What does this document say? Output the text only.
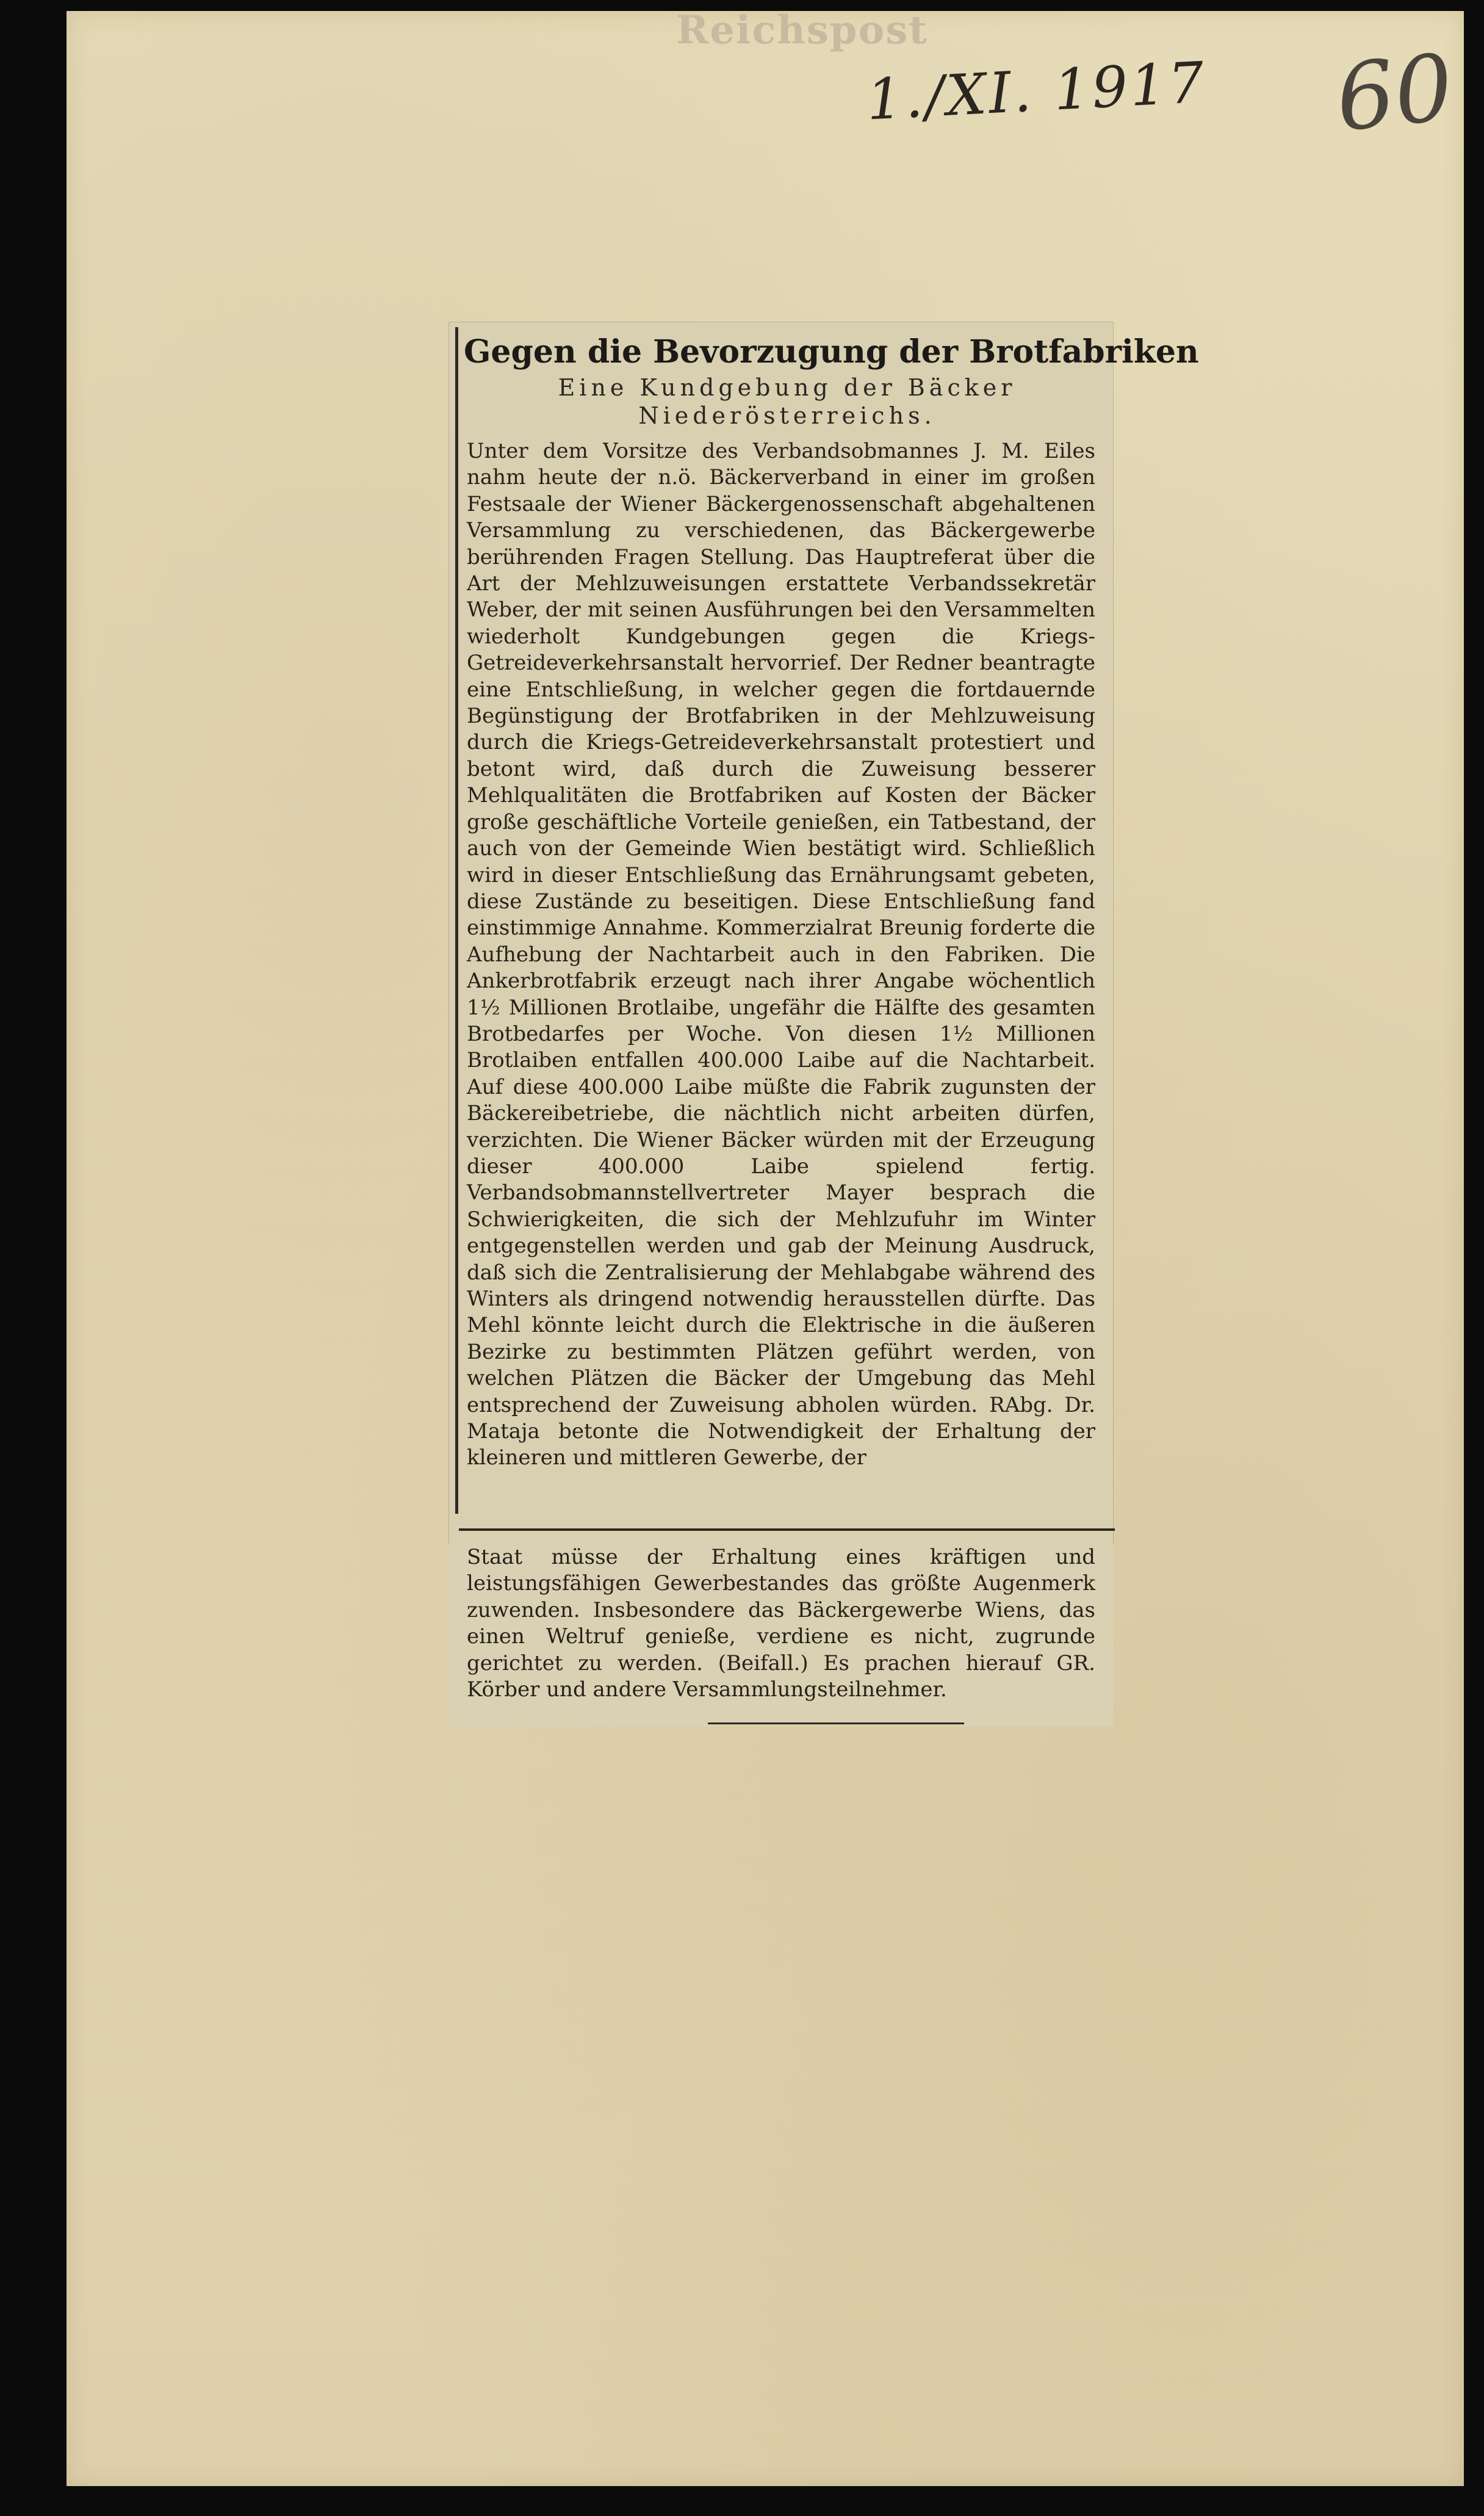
Reichspost
1./XI. 1917 60
Gegen die Bevorzugung der Brotfabriken
Eine Kundgebung der Bäcker Niederösterreichs.
Unter dem Vorsitze des Verbandsobmannes J. M. Eiles nahm heute der n.ö. Bäckerverband in einer im großen Festsaale der Wiener Bäckergenossenschaft abgehaltenen Versammlung zu verschiedenen, das Bäckergewerbe berührenden Fragen Stellung. Das Hauptreferat über die Art der Mehlzuweisungen erstattete Verbandssekretär Weber, der mit seinen Ausführungen bei den Versammelten wiederholt Kundgebungen gegen die Kriegs-Getreideverkehrsanstalt hervorrief. Der Redner beantragte eine Entschließung, in welcher gegen die fortdauernde Begünstigung der Brotfabriken in der Mehlzuweisung durch die Kriegs-Getreideverkehrsanstalt protestiert und betont wird, daß durch die Zuweisung besserer Mehlqualitäten die Brotfabriken auf Kosten der Bäcker große geschäftliche Vorteile genießen, ein Tatbestand, der auch von der Gemeinde Wien bestätigt wird. Schließlich wird in dieser Entschließung das Ernährungsamt gebeten, diese Zustände zu beseitigen. Diese Entschließung fand einstimmige Annahme. Kommerzialrat Breunig forderte die Aufhebung der Nachtarbeit auch in den Fabriken. Die Ankerbrotfabrik erzeugt nach ihrer Angabe wöchentlich 1½ Millionen Brotlaibe, ungefähr die Hälfte des gesamten Brotbedarfes per Woche. Von diesen 1½ Millionen Brotlaiben entfallen 400.000 Laibe auf die Nachtarbeit. Auf diese 400.000 Laibe müßte die Fabrik zugunsten der Bäckereibetriebe, die nächtlich nicht arbeiten dürfen, verzichten. Die Wiener Bäcker würden mit der Erzeugung dieser 400.000 Laibe spielend fertig. Verbandsobmannstellvertreter Mayer besprach die Schwierigkeiten, die sich der Mehlzufuhr im Winter entgegenstellen werden und gab der Meinung Ausdruck, daß sich die Zentralisierung der Mehlabgabe während des Winters als dringend notwendig herausstellen dürfte. Das Mehl könnte leicht durch die Elektrische in die äußeren Bezirke zu bestimmten Plätzen geführt werden, von welchen Plätzen die Bäcker der Umgebung das Mehl entsprechend der Zuweisung abholen würden. RAbg. Dr. Mataja betonte die Notwendigkeit der Erhaltung der kleineren und mittleren Gewerbe, der
Staat müsse der Erhaltung eines kräftigen und leistungsfähigen Gewerbestandes das größte Augenmerk zuwenden. Insbesondere das Bäckergewerbe Wiens, das einen Weltruf genieße, verdiene es nicht, zugrunde gerichtet zu werden. (Beifall.) Es prachen hierauf GR. Körber und andere Versammlungsteilnehmer.
